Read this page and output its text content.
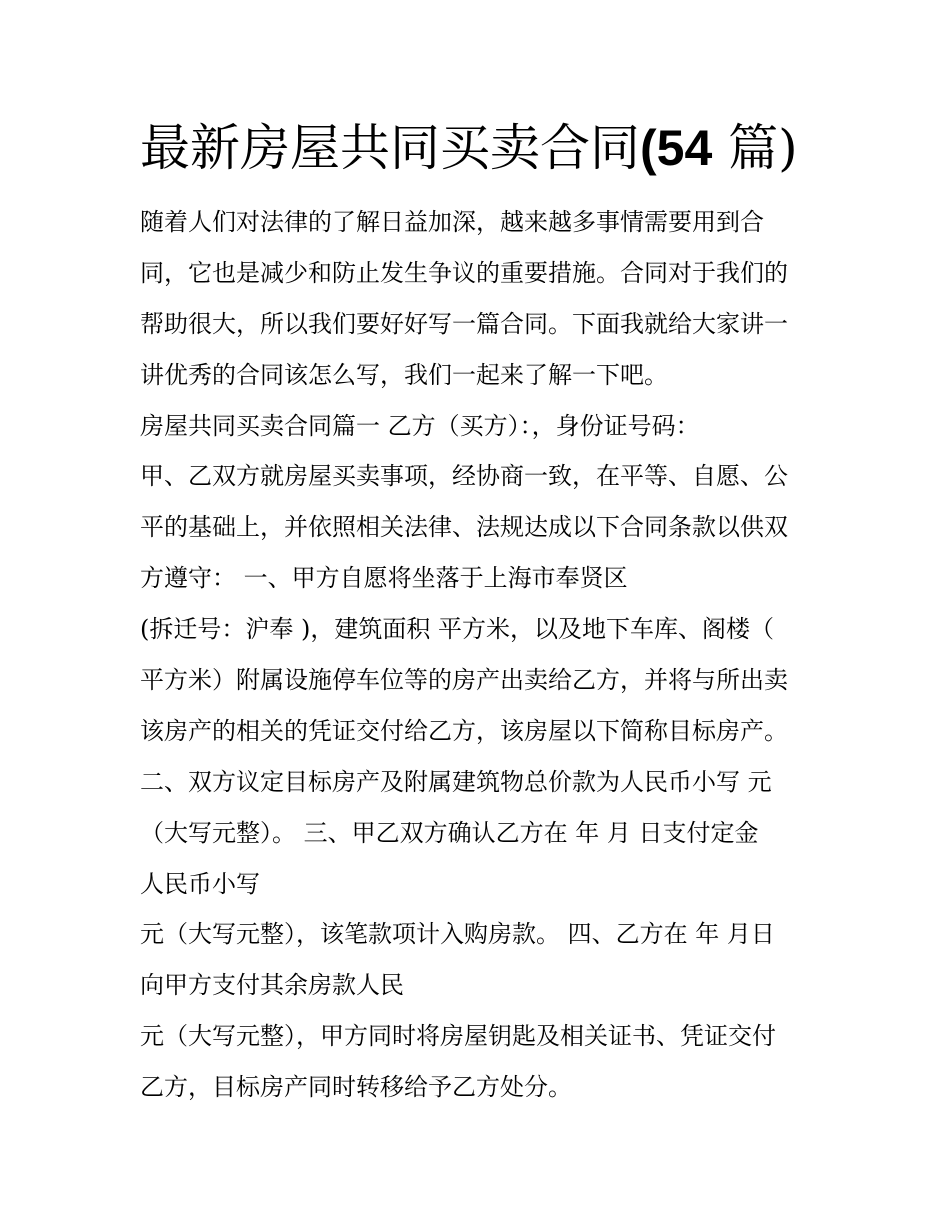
最新房屋共同买卖合同(54 篇)
随着人们对法律的了解日益加深，越来越多事情需要用到合
同，它也是减少和防止发生争议的重要措施。合同对于我们的
帮助很大，所以我们要好好写一篇合同。下面我就给大家讲一
讲优秀的合同该怎么写，我们一起来了解一下吧。
房屋共同买卖合同篇一 乙方（买方）：，身份证号码：
甲、乙双方就房屋买卖事项，经协商一致，在平等、自愿、公
平的基础上，并依照相关法律、法规达成以下合同条款以供双
方遵守： 一、甲方自愿将坐落于上海市奉贤区
(拆迁号：沪奉 )，建筑面积 平方米，以及地下车库、阁楼（
平方米）附属设施停车位等的房产出卖给乙方，并将与所出卖
该房产的相关的凭证交付给乙方，该房屋以下简称目标房产。
二、双方议定目标房产及附属建筑物总价款为人民币小写 元
（大写元整）。 三、甲乙双方确认乙方在 年 月 日支付定金
人民币小写
元（大写元整），该笔款项计入购房款。 四、乙方在 年 月日
向甲方支付其余房款人民
元（大写元整），甲方同时将房屋钥匙及相关证书、凭证交付
乙方，目标房产同时转移给予乙方处分。
